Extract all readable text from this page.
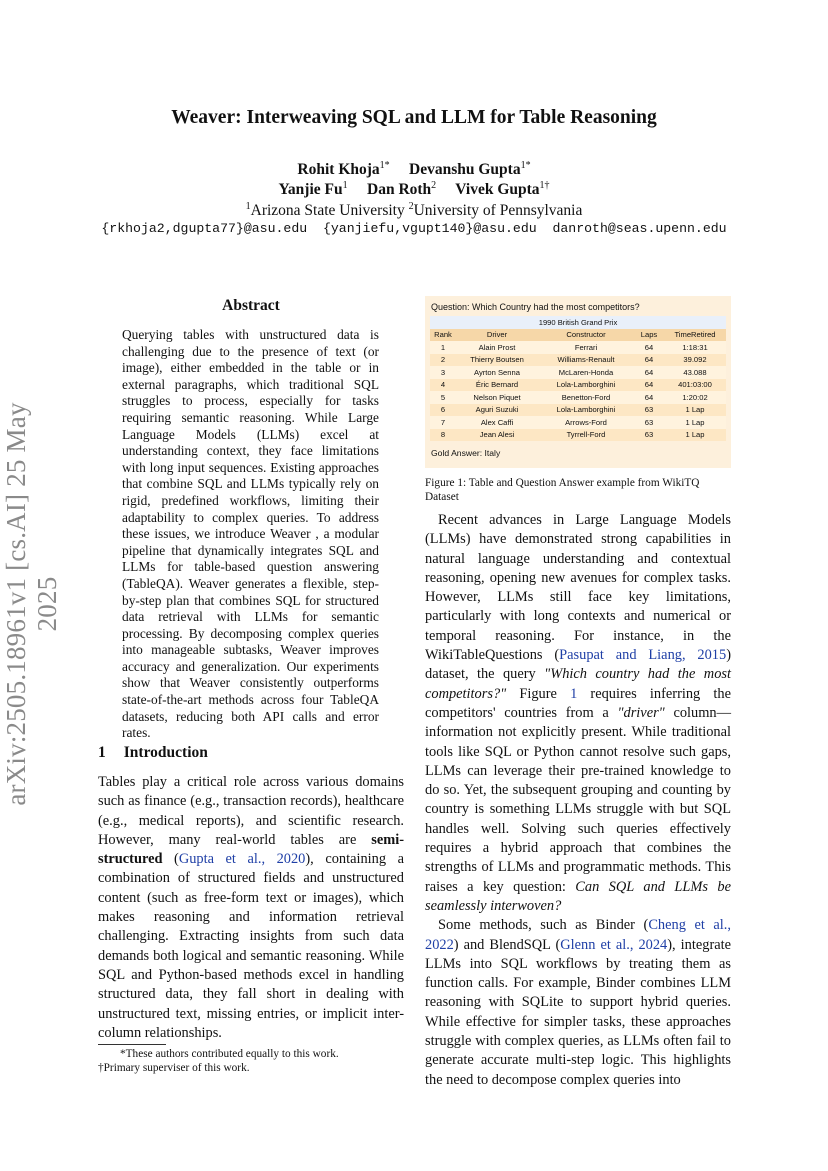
Weaver: Interweaving SQL and LLM for Table Reasoning
Rohit Khoja$^{1*}$ Devanshu Gupta$^{1*}$
Yanjie Fu$^1$ Dan Roth$^2$ Vivek Gupta$^{1\dagger}$
$^1$Arizona State University $^2$University of Pennsylvania
{rkhoja2,dgupta77}@asu.edu  {yanjiefu,vgupt140}@asu.edu  danroth@seas.upenn.edu
arXiv:2505.18961v1 [cs.AI] 25 May 2025
Abstract
Querying tables with unstructured data is challenging due to the presence of text (or image), either embedded in the table or in external paragraphs, which traditional SQL struggles to process, especially for tasks requiring semantic reasoning. While Large Language Models (LLMs) excel at understanding context, they face limitations with long input sequences. Existing approaches that combine SQL and LLMs typically rely on rigid, predefined workflows, limiting their adaptability to complex queries. To address these issues, we introduce Weaver , a modular pipeline that dynamically integrates SQL and LLMs for table-based question answering (TableQA). Weaver generates a flexible, step-by-step plan that combines SQL for structured data retrieval with LLMs for semantic processing. By decomposing complex queries into manageable subtasks, Weaver improves accuracy and generalization. Our experiments show that Weaver consistently outperforms state-of-the-art methods across four TableQA datasets, reducing both API calls and error rates.
1 Introduction

Tables play a critical role across various domains such as finance (e.g., transaction records), healthcare (e.g., medical reports), and scientific research. However, many real-world tables are semi-structured (Gupta et al., 2020), containing a combination of structured fields and unstructured content (such as free-form text or images), which makes reasoning and information retrieval challenging. Extracting insights from such data demands both logical and semantic reasoning. While SQL and Python-based methods excel in handling structured data, they fall short in dealing with unstructured text, missing entries, or implicit inter-column relationships.

*These authors contributed equally to this work.
†Primary superviser of this work.
Question: Which Country had the most competitors?
1990 British Grand Prix				
Rank	Driver	Constructor	Laps	TimeRetired
1	Alain Prost	Ferrari	64	1:18:31
2	Thierry Boutsen	Williams-Renault	64	39.092
3	Ayrton Senna	McLaren-Honda	64	43.088
4	Éric Bernard	Lola-Lamborghini	64	401:03:00
5	Nelson Piquet	Benetton-Ford	64	1:20:02
6	Aguri Suzuki	Lola-Lamborghini	63	1 Lap
7	Alex Caffi	Arrows-Ford	63	1 Lap
8	Jean Alesi	Tyrrell-Ford	63	1 Lap
Gold Answer: Italy
Figure 1: Table and Question Answer example from WikiTQ Dataset

Recent advances in Large Language Models (LLMs) have demonstrated strong capabilities in natural language understanding and contextual reasoning, opening new avenues for complex tasks. However, LLMs still face key limitations, particularly with long contexts and numerical or temporal reasoning. For instance, in the WikiTableQuestions (Pasupat and Liang, 2015) dataset, the query "Which country had the most competitors?" Figure 1 requires inferring the competitors' countries from a "driver" column—information not explicitly present. While traditional tools like SQL or Python cannot resolve such gaps, LLMs can leverage their pre-trained knowledge to do so. Yet, the subsequent grouping and counting by country is something LLMs struggle with but SQL handles well. Solving such queries effectively requires a hybrid approach that combines the strengths of LLMs and programmatic methods. This raises a key question: Can SQL and LLMs be seamlessly interwoven?

Some methods, such as Binder (Cheng et al., 2022) and BlendSQL (Glenn et al., 2024), integrate LLMs into SQL workflows by treating them as function calls. For example, Binder combines LLM reasoning with SQLite to support hybrid queries. While effective for simpler tasks, these approaches struggle with complex queries, as LLMs often fail to generate accurate multi-step logic. This highlights the need to decompose complex queries into
